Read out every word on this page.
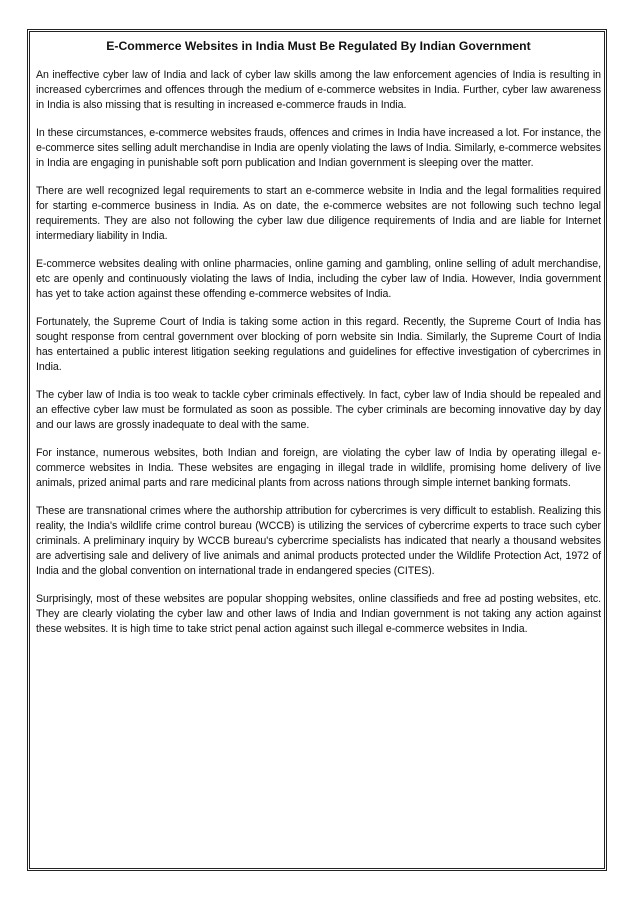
E-Commerce Websites in India Must Be Regulated By Indian Government

An ineffective cyber law of India and lack of cyber law skills among the law enforcement agencies of India is resulting in increased cybercrimes and offences through the medium of e-commerce websites in India. Further, cyber law awareness in India is also missing that is resulting in increased e-commerce frauds in India.

In these circumstances, e-commerce websites frauds, offences and crimes in India have increased a lot. For instance, the e-commerce sites selling adult merchandise in India are openly violating the laws of India. Similarly, e-commerce websites in India are engaging in punishable soft porn publication and Indian government is sleeping over the matter.

There are well recognized legal requirements to start an e-commerce website in India and the legal formalities required for starting e-commerce business in India. As on date, the e-commerce websites are not following such techno legal requirements. They are also not following the cyber law due diligence requirements of India and are liable for Internet intermediary liability in India.

E-commerce websites dealing with online pharmacies, online gaming and gambling, online selling of adult merchandise, etc are openly and continuously violating the laws of India, including the cyber law of India. However, India government has yet to take action against these offending e-commerce websites of India.

Fortunately, the Supreme Court of India is taking some action in this regard. Recently, the Supreme Court of India has sought response from central government over blocking of porn website sin India. Similarly, the Supreme Court of India has entertained a public interest litigation seeking regulations and guidelines for effective investigation of cybercrimes in India.

The cyber law of India is too weak to tackle cyber criminals effectively. In fact, cyber law of India should be repealed and an effective cyber law must be formulated as soon as possible. The cyber criminals are becoming innovative day by day and our laws are grossly inadequate to deal with the same.

For instance, numerous websites, both Indian and foreign, are violating the cyber law of India by operating illegal e-commerce websites in India. These websites are engaging in illegal trade in wildlife, promising home delivery of live animals, prized animal parts and rare medicinal plants from across nations through simple internet banking formats.

These are transnational crimes where the authorship attribution for cybercrimes is very difficult to establish. Realizing this reality, the India's wildlife crime control bureau (WCCB) is utilizing the services of cybercrime experts to trace such cyber criminals. A preliminary inquiry by WCCB bureau's cybercrime specialists has indicated that nearly a thousand websites are advertising sale and delivery of live animals and animal products protected under the Wildlife Protection Act, 1972 of India and the global convention on international trade in endangered species (CITES).

Surprisingly, most of these websites are popular shopping websites, online classifieds and free ad posting websites, etc. They are clearly violating the cyber law and other laws of India and Indian government is not taking any action against these websites. It is high time to take strict penal action against such illegal e-commerce websites in India.
